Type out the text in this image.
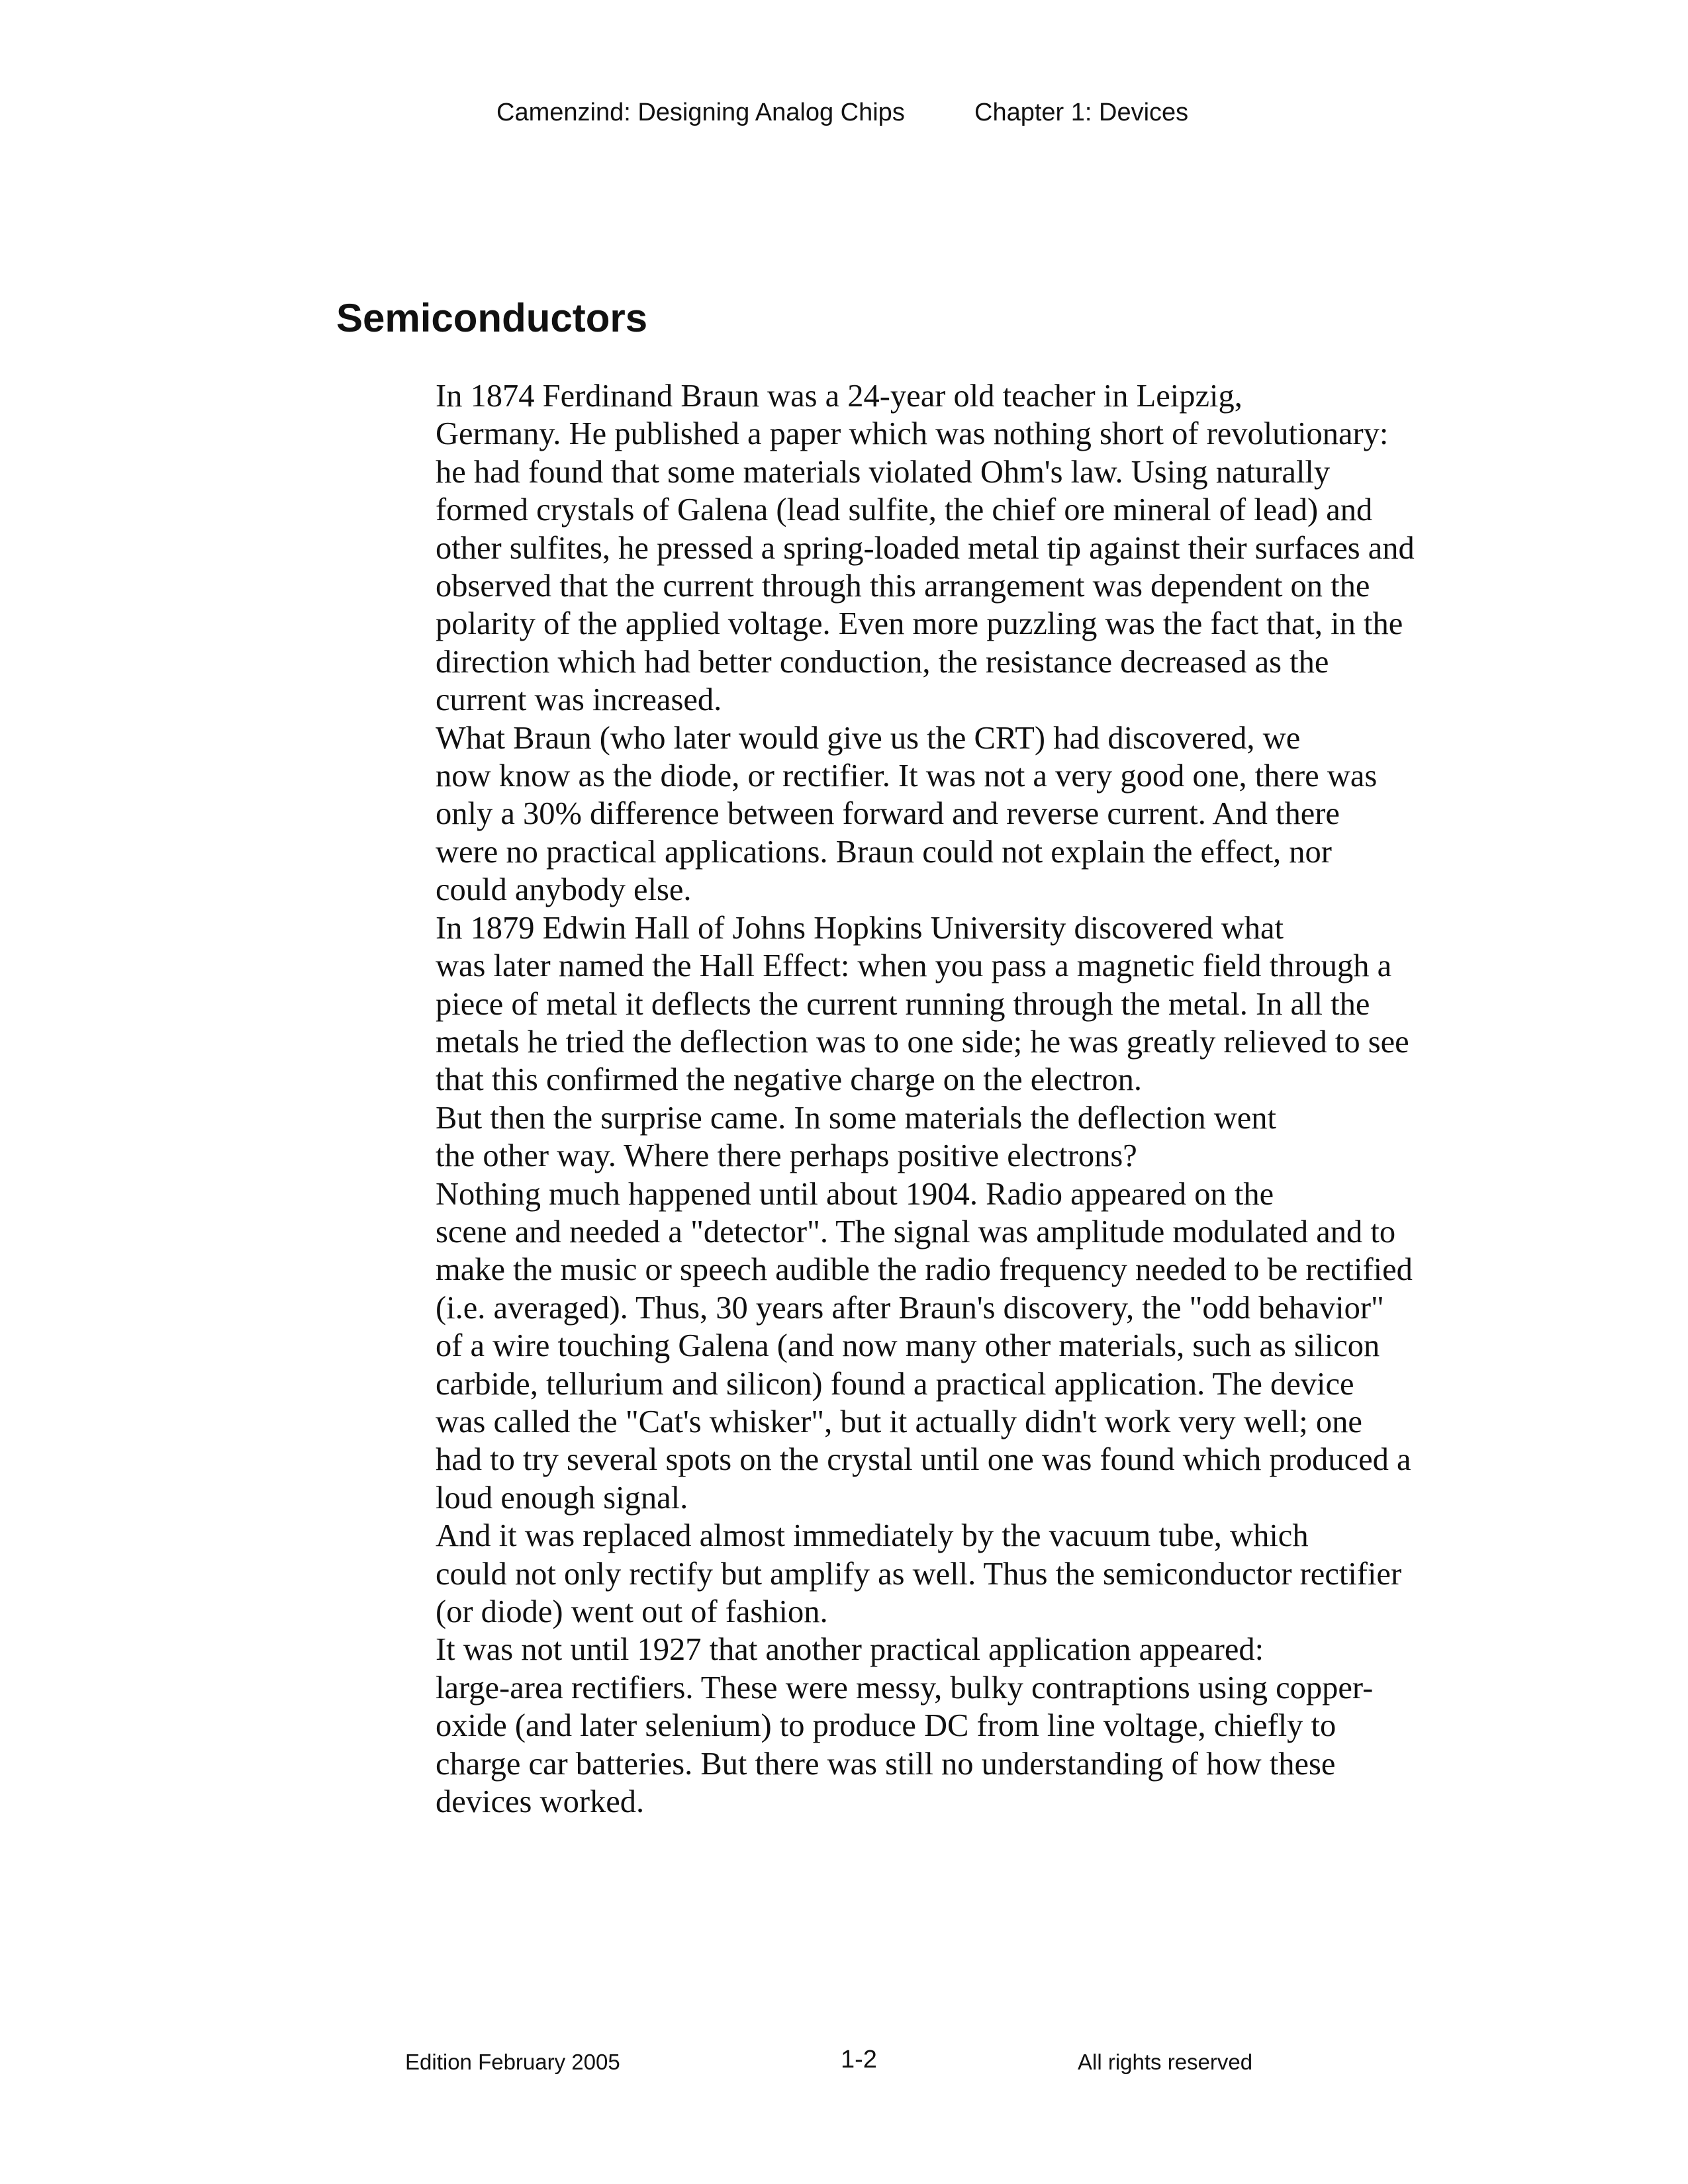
Camenzind: Designing Analog Chips	Chapter 1: Devices
Semiconductors

In 1874 Ferdinand Braun was a 24-year old teacher in Leipzig,
Germany. He published a paper which was nothing short of revolutionary:
he had found that some materials violated Ohm's law. Using naturally
formed crystals of Galena (lead sulfite, the chief ore mineral of lead) and
other sulfites, he pressed a spring-loaded metal tip against their surfaces and
observed that the current through this arrangement was dependent on the
polarity of the applied voltage. Even more puzzling was the fact that, in the
direction which had better conduction, the resistance decreased as the
current was increased.

What Braun (who later would give us the CRT) had discovered, we
now know as the diode, or rectifier. It was not a very good one, there was
only a 30% difference between forward and reverse current. And there
were no practical applications. Braun could not explain the effect, nor
could anybody else.

In 1879 Edwin Hall of Johns Hopkins University discovered what
was later named the Hall Effect: when you pass a magnetic field through a
piece of metal it deflects the current running through the metal. In all the
metals he tried the deflection was to one side; he was greatly relieved to see
that this confirmed the negative charge on the electron.

But then the surprise came. In some materials the deflection went
the other way. Where there perhaps positive electrons?

Nothing much happened until about 1904. Radio appeared on the
scene and needed a "detector". The signal was amplitude modulated and to
make the music or speech audible the radio frequency needed to be rectified
(i.e. averaged). Thus, 30 years after Braun's discovery, the "odd behavior"
of a wire touching Galena (and now many other materials, such as silicon
carbide, tellurium and silicon) found a practical application. The device
was called the "Cat's whisker", but it actually didn't work very well; one
had to try several spots on the crystal until one was found which produced a
loud enough signal.

And it was replaced almost immediately by the vacuum tube, which
could not only rectify but amplify as well. Thus the semiconductor rectifier
(or diode) went out of fashion.

It was not until 1927 that another practical application appeared:
large-area rectifiers. These were messy, bulky contraptions using copper-
oxide (and later selenium) to produce DC from line voltage, chiefly to
charge car batteries. But there was still no understanding of how these
devices worked.

Edition February 2005	1-2	All rights reserved
